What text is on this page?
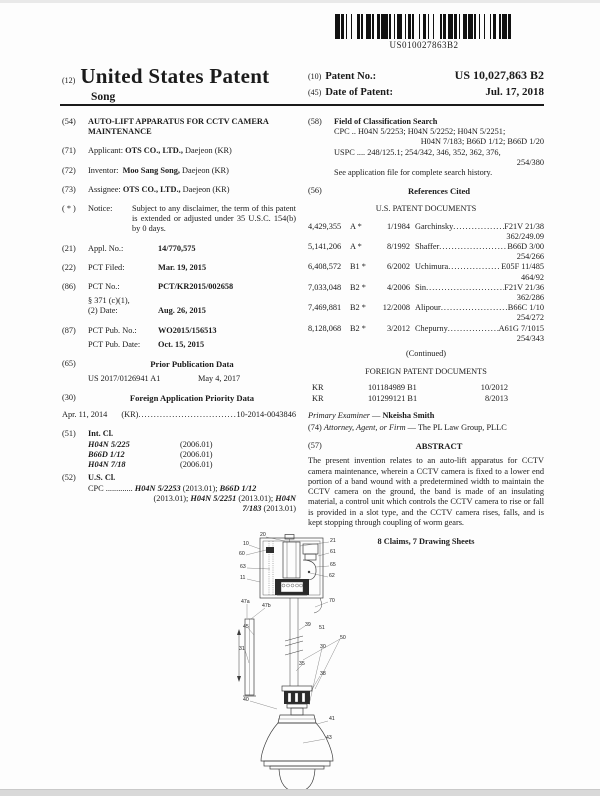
US010027863B2
(12) United States Patent
Song
(10) Patent No.:	US 10,027,863 B2
(45) Date of Patent:	Jul. 17, 2018
(54)	AUTO-LIFT APPARATUS FOR CCTV CAMERA MAINTENANCE
(71)	Applicant: OTS CO., LTD., Daejeon (KR)
(72)	Inventor: Moo Sang Song, Daejeon (KR)
(73)	Assignee: OTS CO., LTD., Daejeon (KR)
( * )	Notice:	Subject to any disclaimer, the term of this patent is extended or adjusted under 35 U.S.C. 154(b) by 0 days.
(21)	Appl. No.:	14/770,575
(22)	PCT Filed:	Mar. 19, 2015
(86)	PCT No.:	PCT/KR2015/002658
§ 371 (c)(1),
(2) Date:	Aug. 26, 2015
(87)	PCT Pub. No.:	WO2015/156513
PCT Pub. Date:	Oct. 15, 2015
(65)	Prior Publication Data
US 2017/0126941 A1	May 4, 2017
(30)	Foreign Application Priority Data
Apr. 11, 2014 (KR) .....	10-2014-0043846
(51)	Int. Cl.
H04N 5/225	(2006.01)
B66D 1/12	(2006.01)
H04N 7/18	(2006.01)
(52)	U.S. Cl.
CPC ............. H04N 5/2253 (2013.01); B66D 1/12
(2013.01); H04N 5/2251 (2013.01); H04N
7/183 (2013.01)
(58)	Field of Classification Search
CPC .. H04N 5/2253; H04N 5/2252; H04N 5/2251;
H04N 7/183; B66D 1/12; B66D 1/20
USPC .... 248/125.1; 254/342, 346, 352, 362, 376,
254/380
See application file for complete search history.
(56)	References Cited
U.S. PATENT DOCUMENTS
4,429,355	A *	1/1984 Garchinsky .....	F21V 21/38
362/249.09
5,141,206	A *	8/1992 Shaffer .....	B66D 3/00
254/266
6,408,572	B1 *	6/2002 Uchimura .....	E05F 11/485
464/92
7,033,048	B2 *	4/2006 Sin .....	F21V 21/36
362/286
7,469,881	B2 *	12/2008 Alipour .....	B66C 1/10
254/272
8,128,068	B2 *	3/2012 Chepurny .....	A61G 7/1015
254/343
(Continued)
FOREIGN PATENT DOCUMENTS
KR	101184989 B1	10/2012
KR	101299121 B1	8/2013
Primary Examiner — Nkeisha Smith
(74) Attorney, Agent, or Firm — The PL Law Group, PLLC
(57)	ABSTRACT
The present invention relates to an auto-lift apparatus for CCTV camera maintenance, wherein a CCTV camera is fixed to a lower end portion of a band wound with a predetermined width to maintain the CCTV camera on the ground, the band is made of an insulating material, a control unit which controls the CCTV camera to rise or fall is provided in a slot type, and the CCTV camera rises, falls, and is kept stopping through coupling of worm gears.
8 Claims, 7 Drawing Sheets
20
10
60
63
11
21
61
65
62
70
47a
47b
45
31
39 51
50
30
35
38
40
41
43
